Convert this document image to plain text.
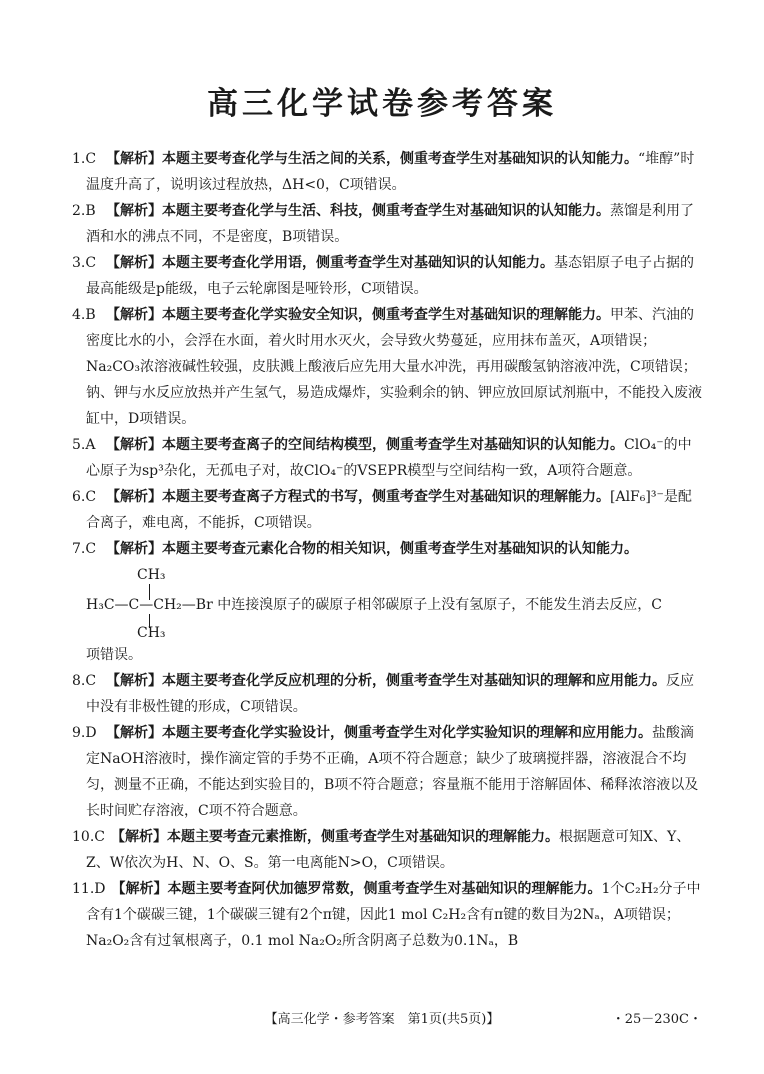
高三化学试卷参考答案
1.C 【解析】本题主要考查化学与生活之间的关系，侧重考查学生对基础知识的认知能力。“堆醇”时温度升高了，说明该过程放热，ΔH<0，C项错误。
2.B 【解析】本题主要考查化学与生活、科技，侧重考查学生对基础知识的认知能力。蒸馏是利用了酒和水的沸点不同，不是密度，B项错误。
3.C 【解析】本题主要考查化学用语，侧重考查学生对基础知识的认知能力。基态铝原子电子占据的最高能级是p能级，电子云轮廓图是哑铃形，C项错误。
4.B 【解析】本题主要考查化学实验安全知识，侧重考查学生对基础知识的理解能力。甲苯、汽油的密度比水的小，会浮在水面，着火时用水灭火，会导致火势蔓延，应用抹布盖灭，A项错误；Na₂CO₃浓溶液碱性较强，皮肤溅上酸液后应先用大量水冲洗，再用碳酸氢钠溶液冲洗，C项错误；钠、钾与水反应放热并产生氢气，易造成爆炸，实验剩余的钠、钾应放回原试剂瓶中，不能投入废液缸中，D项错误。
5.A 【解析】本题主要考查离子的空间结构模型，侧重考查学生对基础知识的认知能力。ClO₄⁻的中心原子为sp³杂化，无孤电子对，故ClO₄⁻的VSEPR模型与空间结构一致，A项符合题意。
6.C 【解析】本题主要考查离子方程式的书写，侧重考查学生对基础知识的理解能力。[AlF₆]³⁻是配合离子，难电离，不能拆，C项错误。
7.C 【解析】本题主要考查元素化合物的相关知识，侧重考查学生对基础知识的认知能力。
CH₃
H₃C—C—CH₂—Br 中连接溴原子的碳原子相邻碳原子上没有氢原子，不能发生消去反应，C
CH₃
项错误。
8.C 【解析】本题主要考查化学反应机理的分析，侧重考查学生对基础知识的理解和应用能力。反应中没有非极性键的形成，C项错误。
9.D 【解析】本题主要考查化学实验设计，侧重考查学生对化学实验知识的理解和应用能力。盐酸滴定NaOH溶液时，操作滴定管的手势不正确，A项不符合题意；缺少了玻璃搅拌器，溶液混合不均匀，测量不正确，不能达到实验目的，B项不符合题意；容量瓶不能用于溶解固体、稀释浓溶液以及长时间贮存溶液，C项不符合题意。
10.C 【解析】本题主要考查元素推断，侧重考查学生对基础知识的理解能力。根据题意可知X、Y、Z、W依次为H、N、O、S。第一电离能N>O，C项错误。
11.D 【解析】本题主要考查阿伏加德罗常数，侧重考查学生对基础知识的理解能力。1个C₂H₂分子中含有1个碳碳三键，1个碳碳三键有2个π键，因此1 mol C₂H₂含有π键的数目为2Nₐ，A项错误；Na₂O₂含有过氧根离子，0.1 mol Na₂O₂所含阴离子总数为0.1Nₐ，B
【高三化学・参考答案　第1页(共5页)】	・25－230C・
